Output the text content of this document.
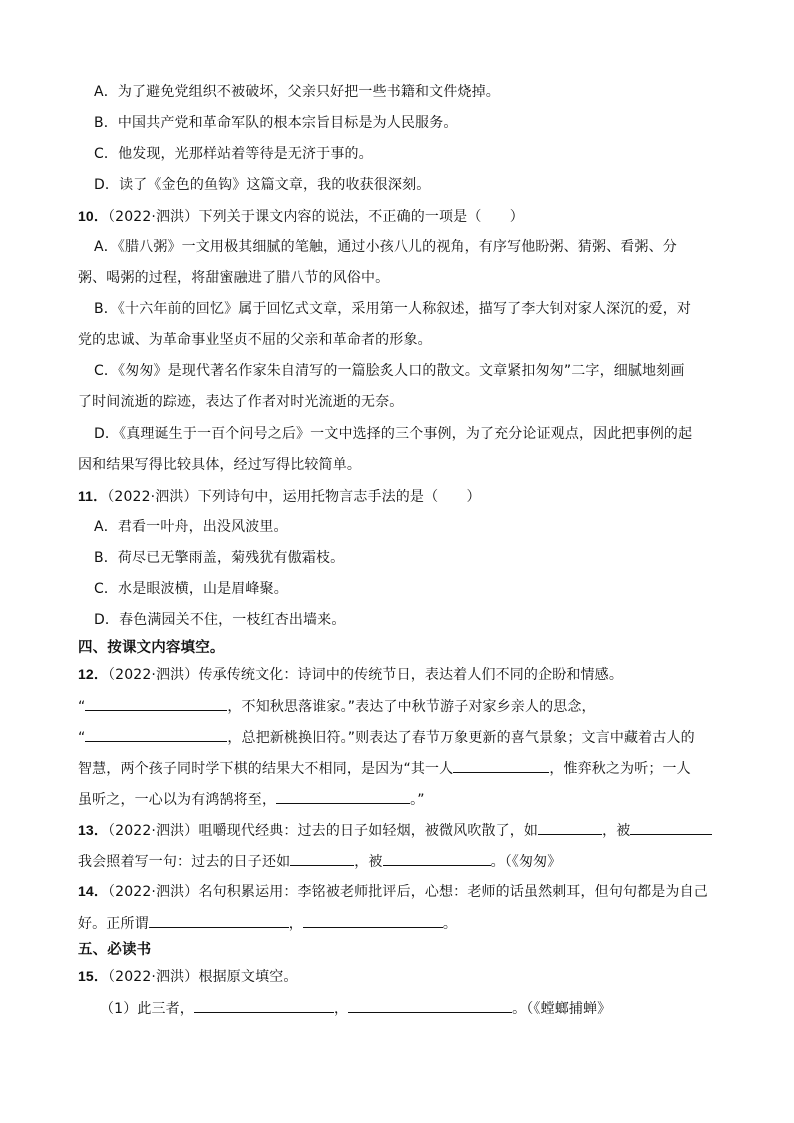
A．为了避免党组织不被破坏，父亲只好把一些书籍和文件烧掉。
B．中国共产党和革命军队的根本宗旨目标是为人民服务。
C．他发现，光那样站着等待是无济于事的。
D．读了《金色的鱼钩》这篇文章，我的收获很深刻。
10．（2022·泗洪）下列关于课文内容的说法，不正确的一项是（　　）
A．《腊八粥》一文用极其细腻的笔触，通过小孩八儿的视角，有序写他盼粥、猜粥、看粥、分
粥、喝粥的过程，将甜蜜融进了腊八节的风俗中。
B．《十六年前的回忆》属于回忆式文章，采用第一人称叙述，描写了李大钊对家人深沉的爱，对
党的忠诚、为革命事业坚贞不屈的父亲和革命者的形象。
C．《匆匆》是现代著名作家朱自清写的一篇脍炙人口的散文。文章紧扣匆匆”二字，细腻地刻画
了时间流逝的踪迹，表达了作者对时光流逝的无奈。
D．《真理诞生于一百个问号之后》一文中选择的三个事例，为了充分论证观点，因此把事例的起
因和结果写得比较具体，经过写得比较简单。
11．（2022·泗洪）下列诗句中，运用托物言志手法的是（　　）
A．君看一叶舟，出没风波里。
B．荷尽已无擎雨盖，菊残犹有傲霜枝。
C．水是眼波横，山是眉峰聚。
D．春色满园关不住，一枝红杏出墙来。
四、按课文内容填空。
12．（2022·泗洪）传承传统文化：诗词中的传统节日，表达着人们不同的企盼和情感。
“	，不知秋思落谁家。”表达了中秋节游子对家乡亲人的思念，
“	，总把新桃换旧符。”则表达了春节万象更新的喜气景象；文言中藏着古人的
智慧，两个孩子同时学下棋的结果大不相同，是因为“其一人	，惟弈秋之为听；一人
虽听之，一心以为有鸿鹄将至，	。”
13．（2022·泗洪）咀嚼现代经典：过去的日子如轻烟，被微风吹散了，如	，被
我会照着写一句：过去的日子还如	，被	。（《匆匆》
14．（2022·泗洪）名句积累运用：李铭被老师批评后，心想：老师的话虽然刺耳，但句句都是为自己
好。正所谓	，	。
五、必读书
15．（2022·泗洪）根据原文填空。
（1）此三者，	，	。（《螳螂捕蝉》
